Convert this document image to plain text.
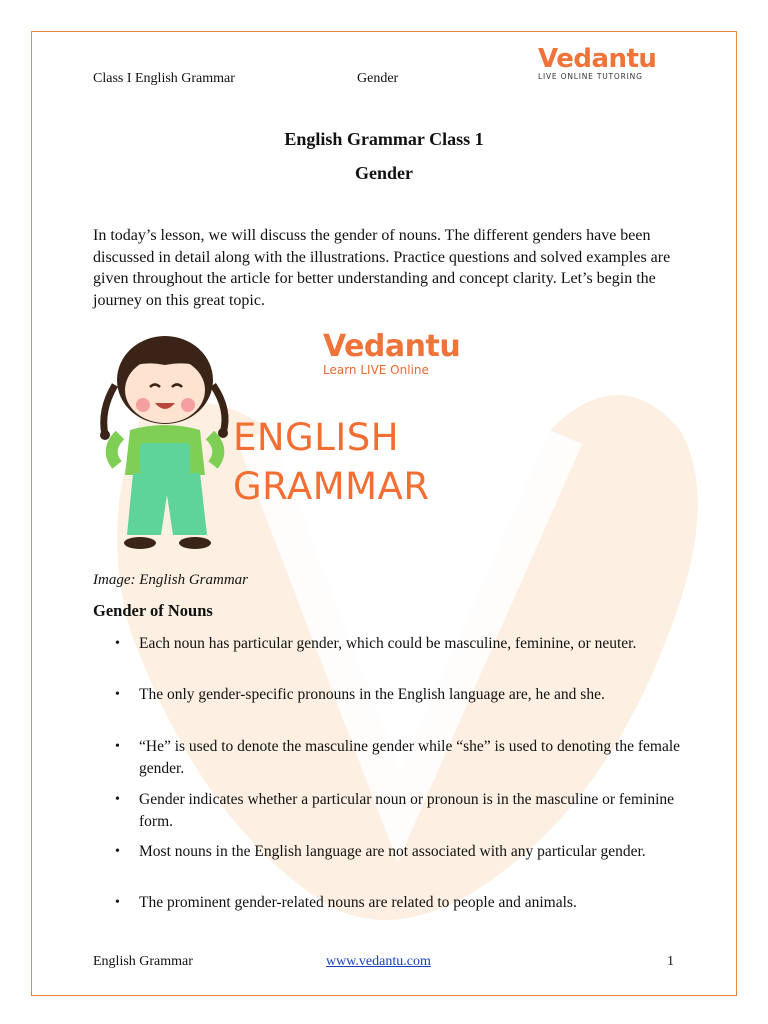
Class I English Grammar	Gender
Vedantu
LIVE ONLINE TUTORING
English Grammar Class 1
Gender
In today’s lesson, we will discuss the gender of nouns. The different genders have been discussed in detail along with the illustrations. Practice questions and solved examples are given throughout the article for better understanding and concept clarity. Let’s begin the journey on this great topic.
Vedantu
Learn LIVE Online
ENGLISH
GRAMMAR
Image: English Grammar
Gender of Nouns
• Each noun has particular gender, which could be masculine, feminine, or neuter.
• The only gender-specific pronouns in the English language are, he and she.
• “He” is used to denote the masculine gender while “she” is used to denoting the female gender.
• Gender indicates whether a particular noun or pronoun is in the masculine or feminine form.
• Most nouns in the English language are not associated with any particular gender.
• The prominent gender-related nouns are related to people and animals.
English Grammar	www.vedantu.com	1
